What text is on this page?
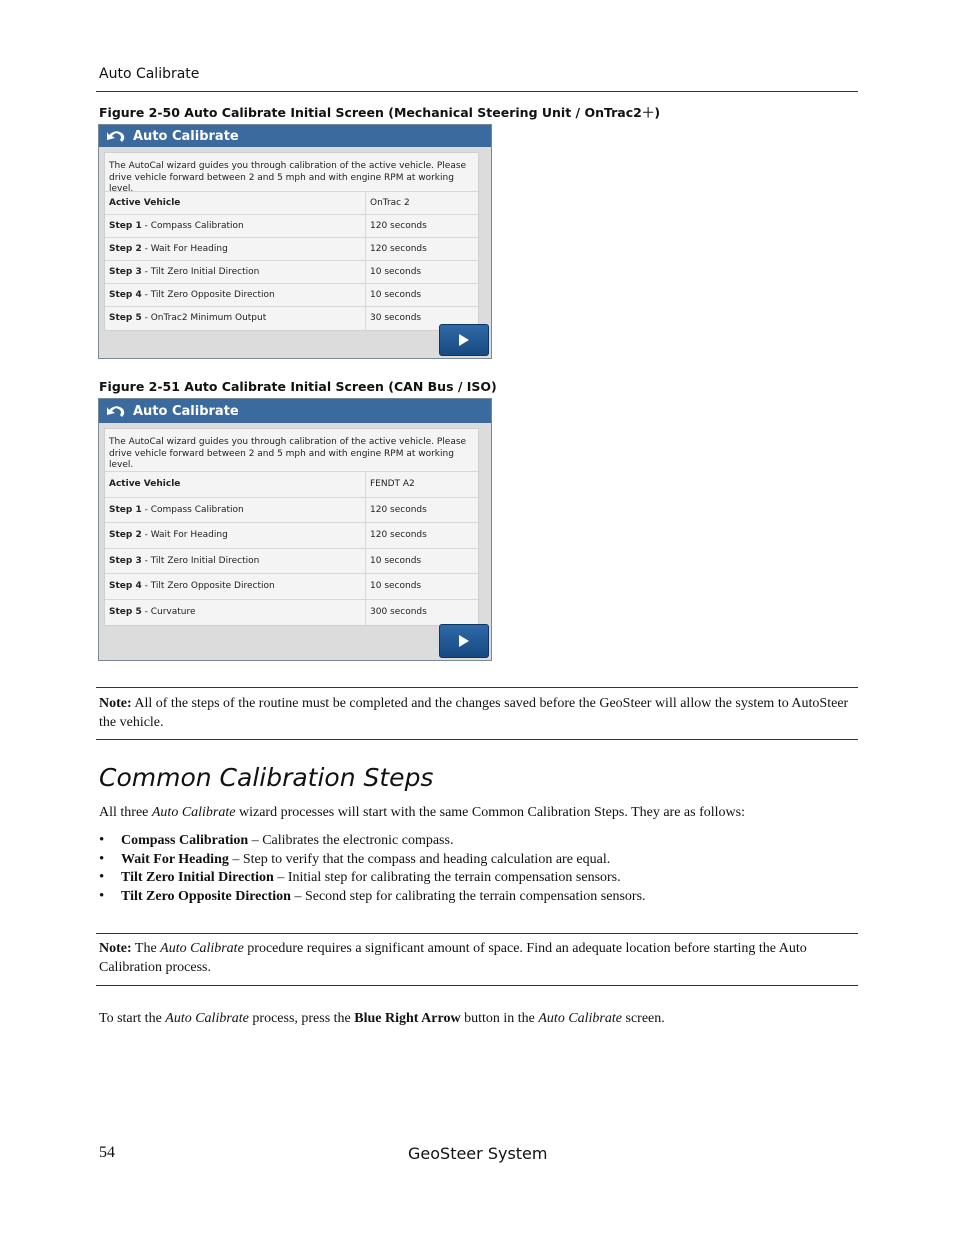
Auto Calibrate
Figure 2-50 Auto Calibrate Initial Screen (Mechanical Steering Unit / OnTrac2＋)
Auto Calibrate
The AutoCal wizard guides you through calibration of the active vehicle. Please drive vehicle forward between 2 and 5 mph and with engine RPM at working level.
Active Vehicle	OnTrac 2
Step 1 - Compass Calibration	120 seconds
Step 2 - Wait For Heading	120 seconds
Step 3 - Tilt Zero Initial Direction	10 seconds
Step 4 - Tilt Zero Opposite Direction	10 seconds
Step 5 - OnTrac2 Minimum Output	30 seconds
Figure 2-51 Auto Calibrate Initial Screen (CAN Bus / ISO)
Auto Calibrate
The AutoCal wizard guides you through calibration of the active vehicle. Please drive vehicle forward between 2 and 5 mph and with engine RPM at working level.
Active Vehicle	FENDT A2
Step 1 - Compass Calibration	120 seconds
Step 2 - Wait For Heading	120 seconds
Step 3 - Tilt Zero Initial Direction	10 seconds
Step 4 - Tilt Zero Opposite Direction	10 seconds
Step 5 - Curvature	300 seconds
Note: All of the steps of the routine must be completed and the changes saved before the GeoSteer will allow the system to AutoSteer the vehicle.
Common Calibration Steps
All three Auto Calibrate wizard processes will start with the same Common Calibration Steps. They are as follows:
• Compass Calibration – Calibrates the electronic compass.
• Wait For Heading – Step to verify that the compass and heading calculation are equal.
• Tilt Zero Initial Direction – Initial step for calibrating the terrain compensation sensors.
• Tilt Zero Opposite Direction – Second step for calibrating the terrain compensation sensors.
Note: The Auto Calibrate procedure requires a significant amount of space. Find an adequate location before starting the Auto Calibration process.
To start the Auto Calibrate process, press the Blue Right Arrow button in the Auto Calibrate screen.
54	GeoSteer System
